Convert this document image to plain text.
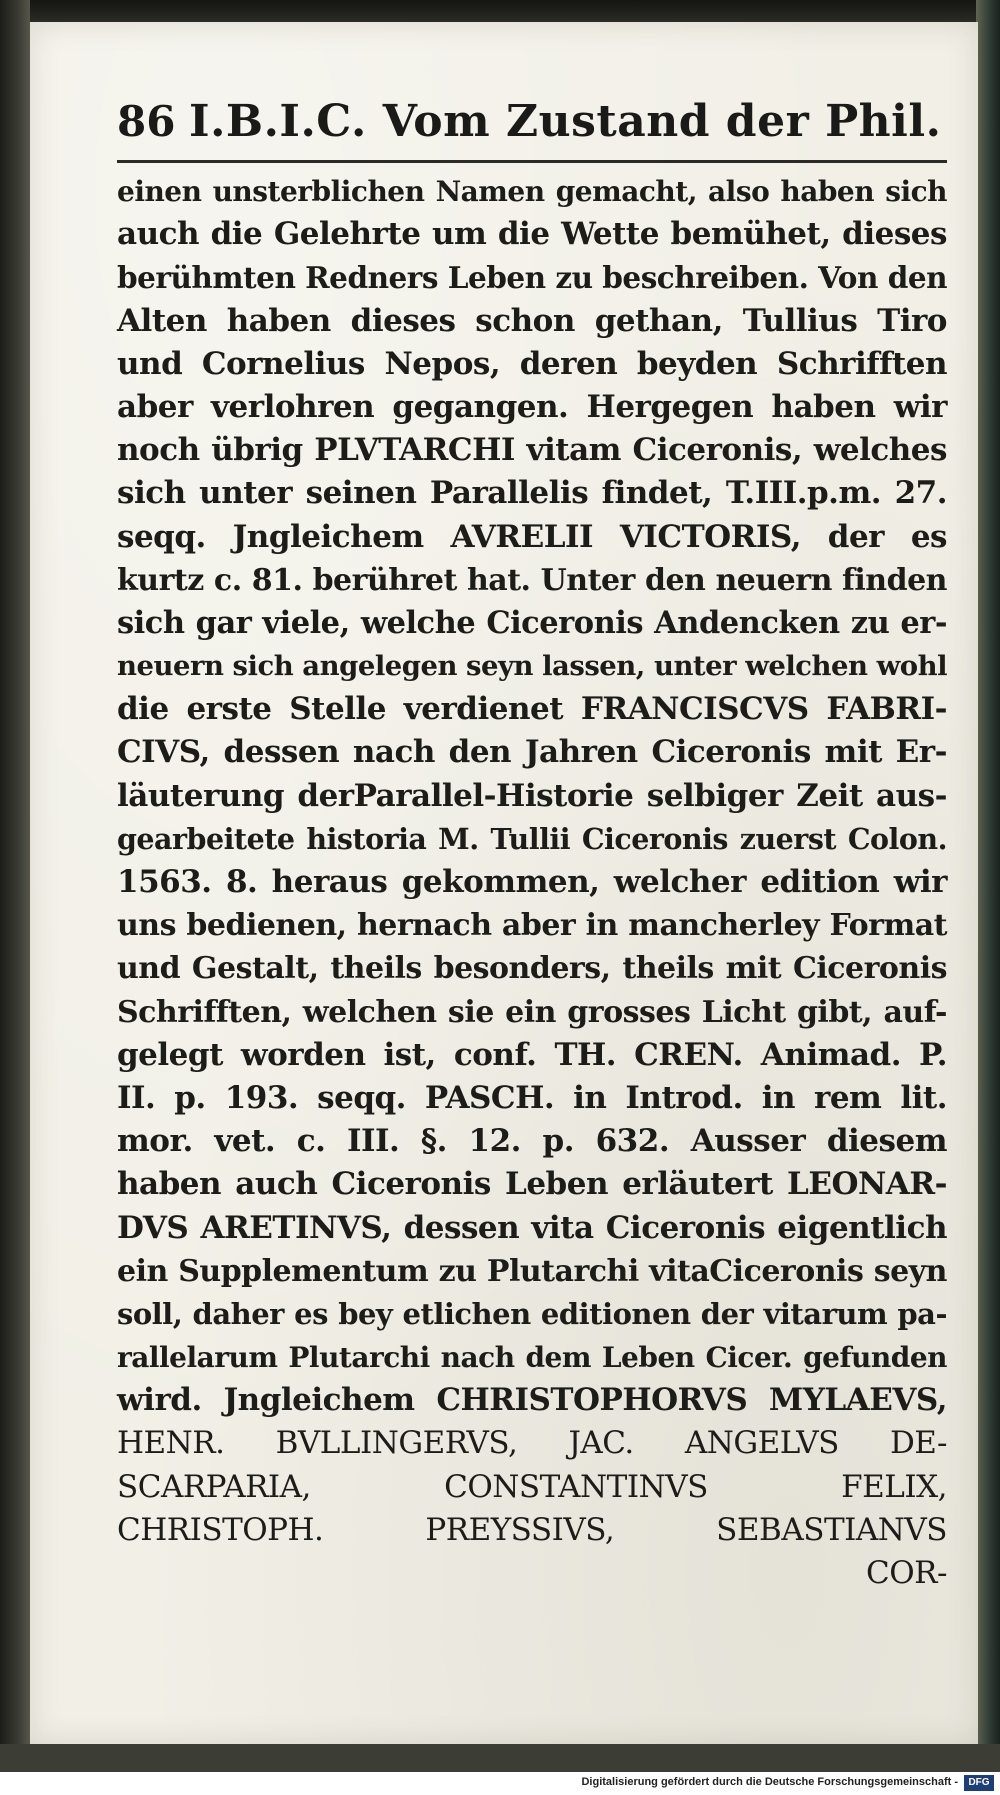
86 I.B.I.C. Vom Zustand der Phil.
einen unsterblichen Namen gemacht, also haben sich
auch die Gelehrte um die Wette bemühet, dieses
berühmten Redners Leben zu beschreiben. Von den
Alten haben dieses schon gethan, Tullius Tiro
und Cornelius Nepos, deren beyden Schrifften
aber verlohren gegangen. Hergegen haben wir
noch übrig PLVTARCHI vitam Ciceronis, welches
sich unter seinen Parallelis findet, T.III.p.m. 27.
seqq. Jngleichem AVRELII VICTORIS, der es
kurtz c. 81. berühret hat. Unter den neuern finden
sich gar viele, welche Ciceronis Andencken zu er-
neuern sich angelegen seyn lassen, unter welchen wohl
die erste Stelle verdienet FRANCISCVS FABRI-
CIVS, dessen nach den Jahren Ciceronis mit Er-
läuterung derParallel-Historie selbiger Zeit aus-
gearbeitete historia M. Tullii Ciceronis zuerst Colon.
1563. 8. heraus gekommen, welcher edition wir
uns bedienen, hernach aber in mancherley Format
und Gestalt, theils besonders, theils mit Ciceronis
Schrifften, welchen sie ein grosses Licht gibt, auf-
gelegt worden ist, conf. TH. CREN. Animad. P.
II. p. 193. seqq. PASCH. in Introd. in rem lit.
mor. vet. c. III. §. 12. p. 632. Ausser diesem
haben auch Ciceronis Leben erläutert LEONAR-
DVS ARETINVS, dessen vita Ciceronis eigentlich
ein Supplementum zu Plutarchi vitaCiceronis seyn
soll, daher es bey etlichen editionen der vitarum pa-
rallelarum Plutarchi nach dem Leben Cicer. gefunden
wird. Jngleichem CHRISTOPHORVS MYLAEVS,
HENR. BVLLINGERVS, JAC. ANGELVS DE-
SCARPARIA, CONSTANTINVS FELIX,
CHRISTOPH. PREYSSIVS, SEBASTIANVS
COR-
Digitalisierung gefördert durch die Deutsche Forschungsgemeinschaft -	DFG
